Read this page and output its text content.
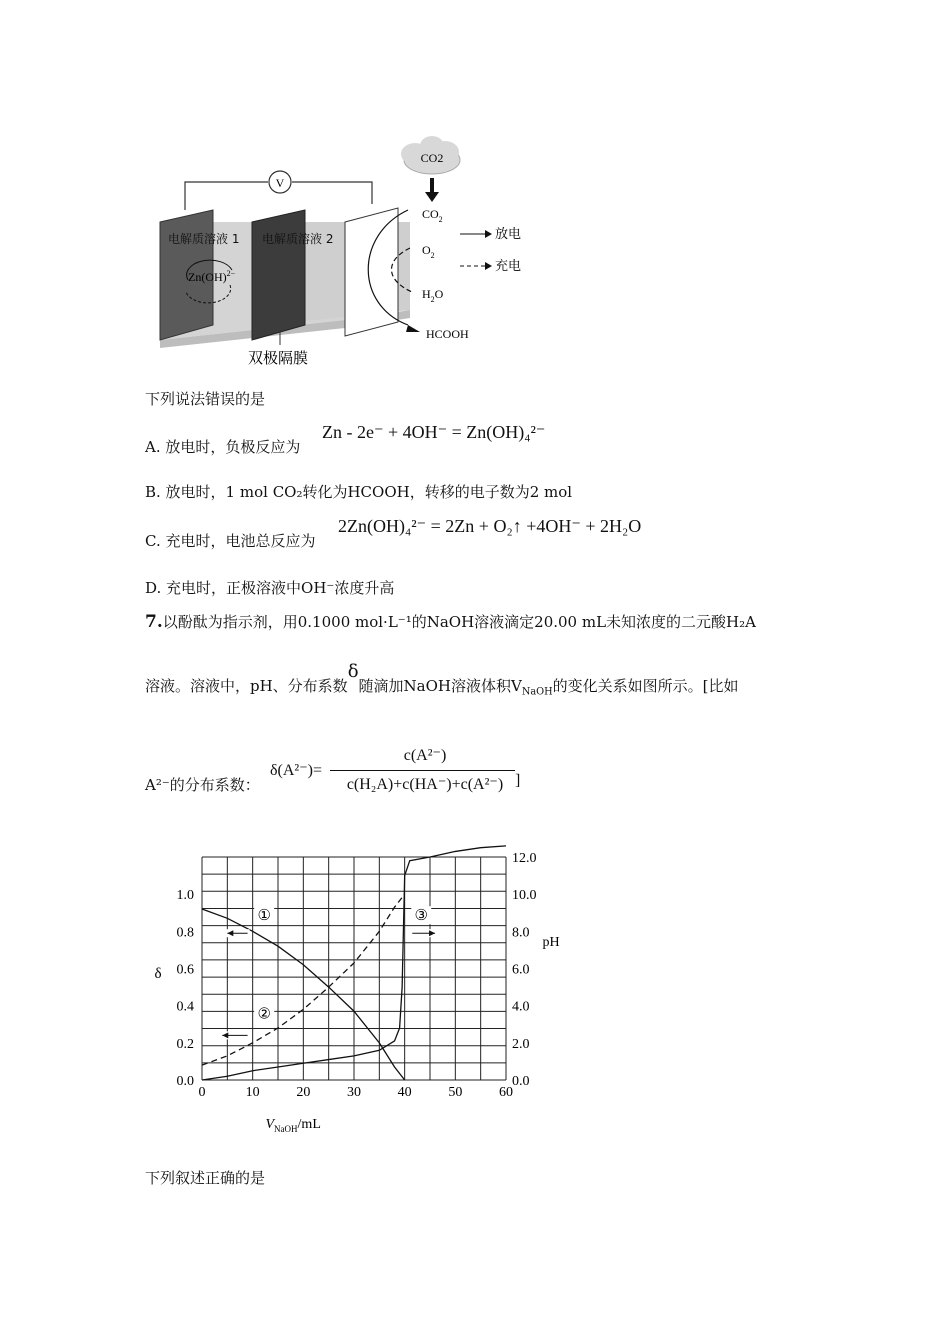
CO2
V
电解质溶液 1 电解质溶液 2
Zn(OH)$^{2-}$
$CO_2$
$O_2$
$H_2O$
HCOOH
放电
充电
双极隔膜
下列说法错误的是
A. 放电时，负极反应为
Zn - 2e⁻ + 4OH⁻ = Zn(OH)₄²⁻
B. 放电时，1 mol CO₂转化为HCOOH，转移的电子数为2 mol
C. 充电时，电池总反应为
2Zn(OH)₄²⁻ = 2Zn + O₂↑ +4OH⁻ + 2H₂O
D. 充电时，正极溶液中OH⁻浓度升高
7.以酚酞为指示剂，用0.1000 mol·L⁻¹的NaOH溶液滴定20.00 mL未知浓度的二元酸H₂A
溶液。溶液中，pH、分布系数δ随滴加NaOH溶液体积$V_{NaOH}$的变化关系如图所示。[比如
A²⁻的分布系数：
δ(A²⁻)=
c(A²⁻)
c(H₂A)+c(HA⁻)+c(A²⁻) ]
0	10	20	30	40	50	60
0.0
0.2
0.4
0.6
0.8
1.0
0.0
2.0
4.0
6.0
8.0
10.0
12.0
δ
pH
$V_{NaOH}/mL$
①
②
③
下列叙述正确的是
